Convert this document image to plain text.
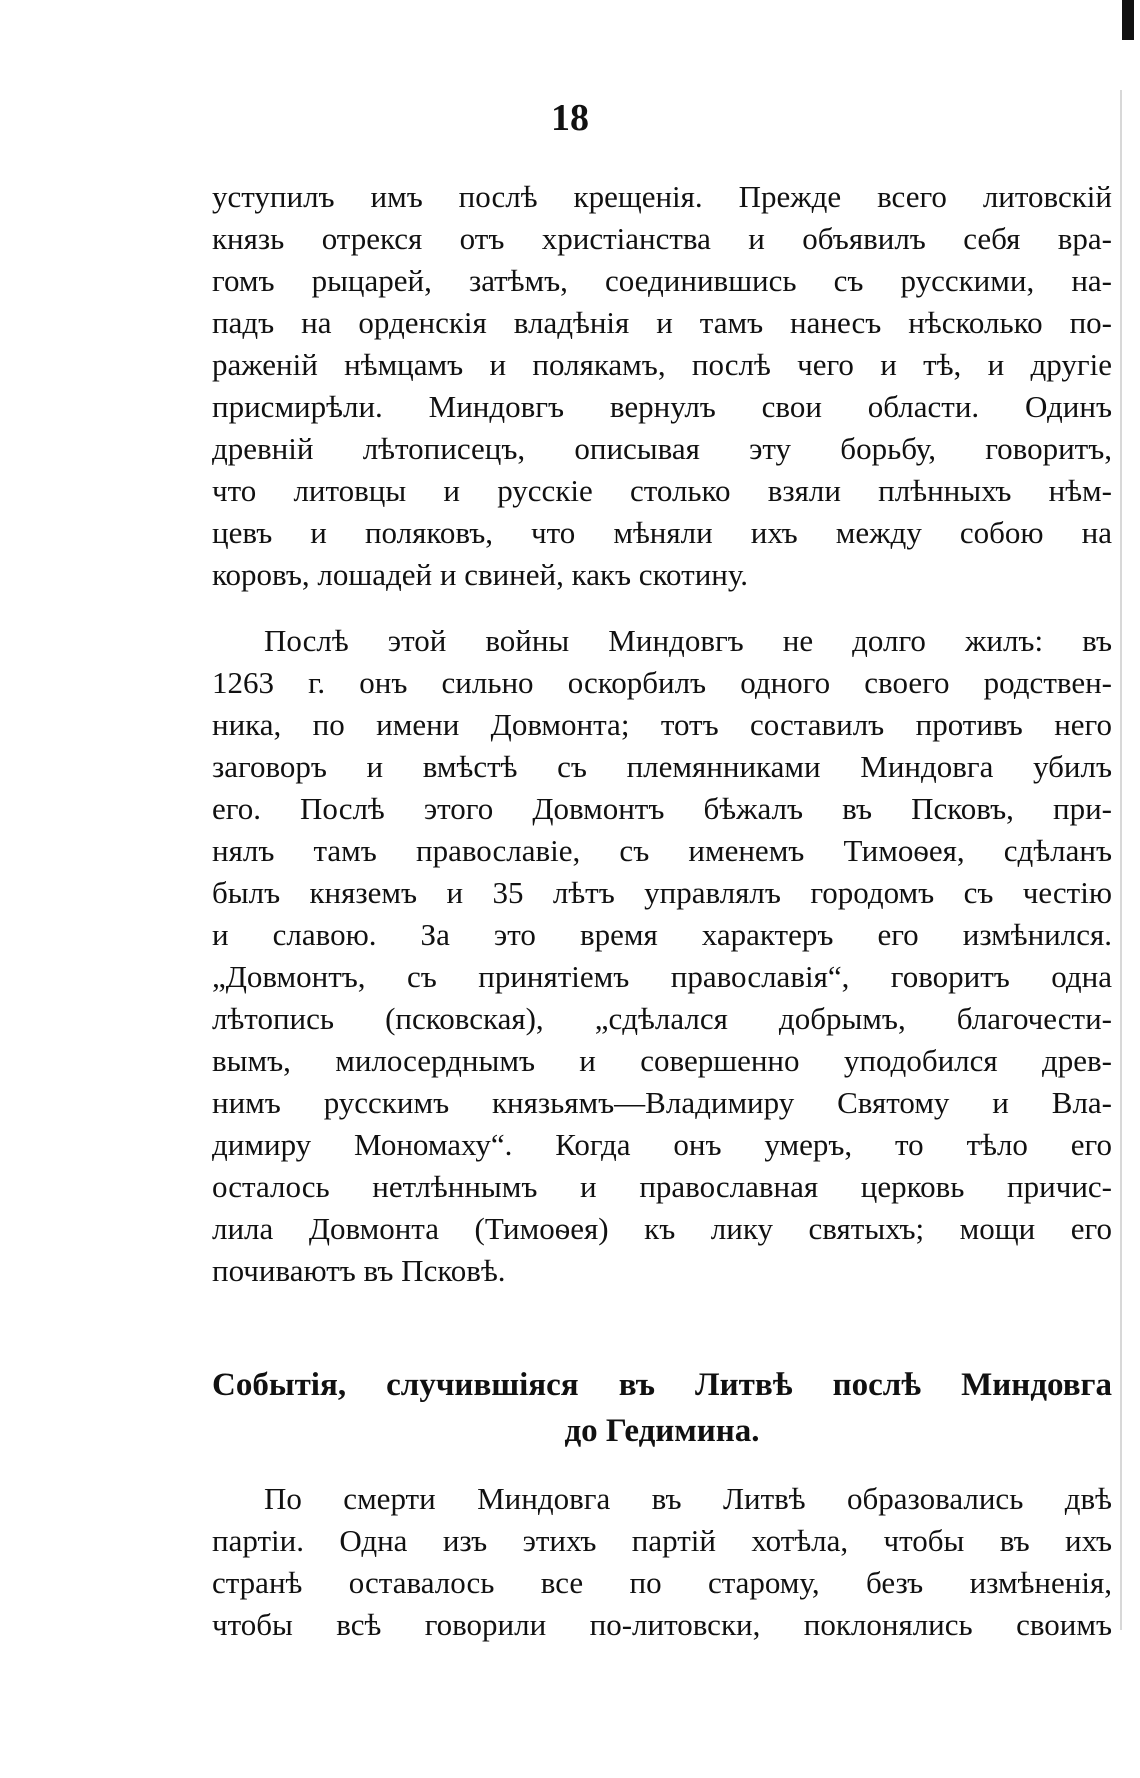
18
уступилъ имъ послѣ крещенія. Прежде всего литовскій
князь отрекся отъ христіанства и объявилъ себя вра-
гомъ рыцарей, затѣмъ, соединившись съ русскими, на-
падъ на орденскія владѣнія и тамъ нанесъ нѣсколько по-
раженій нѣмцамъ и полякамъ, послѣ чего и тѣ, и другіе
присмирѣли. Миндовгъ вернулъ свои области. Одинъ
древній лѣтописецъ, описывая эту борьбу, говоритъ,
что литовцы и русскіе столько взяли плѣнныхъ нѣм-
цевъ и поляковъ, что мѣняли ихъ между собою на
коровъ, лошадей и свиней, какъ скотину.
Послѣ этой войны Миндовгъ не долго жилъ: въ
1263 г. онъ сильно оскорбилъ одного своего родствен-
ника, по имени Довмонта; тотъ составилъ противъ него
заговоръ и вмѣстѣ съ племянниками Миндовга убилъ
его. Послѣ этого Довмонтъ бѣжалъ въ Псковъ, при-
нялъ тамъ православіе, съ именемъ Тимоѳея, сдѣланъ
былъ княземъ и 35 лѣтъ управлялъ городомъ съ честію
и славою. За это время характеръ его измѣнился.
„Довмонтъ, съ принятіемъ православія“, говоритъ одна
лѣтопись (псковская), „сдѣлался добрымъ, благочести-
вымъ, милосерднымъ и совершенно уподобился древ-
нимъ русскимъ князьямъ—Владимиру Святому и Вла-
димиру Мономаху“. Когда онъ умеръ, то тѣло его
осталось нетлѣннымъ и православная церковь причис-
лила Довмонта (Тимоѳея) къ лику святыхъ; мощи его
почиваютъ въ Псковѣ.
Событія, случившіяся въ Литвѣ послѣ Миндовга
до Гедимина.
По смерти Миндовга въ Литвѣ образовались двѣ
партіи. Одна изъ этихъ партій хотѣла, чтобы въ ихъ
странѣ оставалось все по старому, безъ измѣненія,
чтобы всѣ говорили по-литовски, поклонялись своимъ
